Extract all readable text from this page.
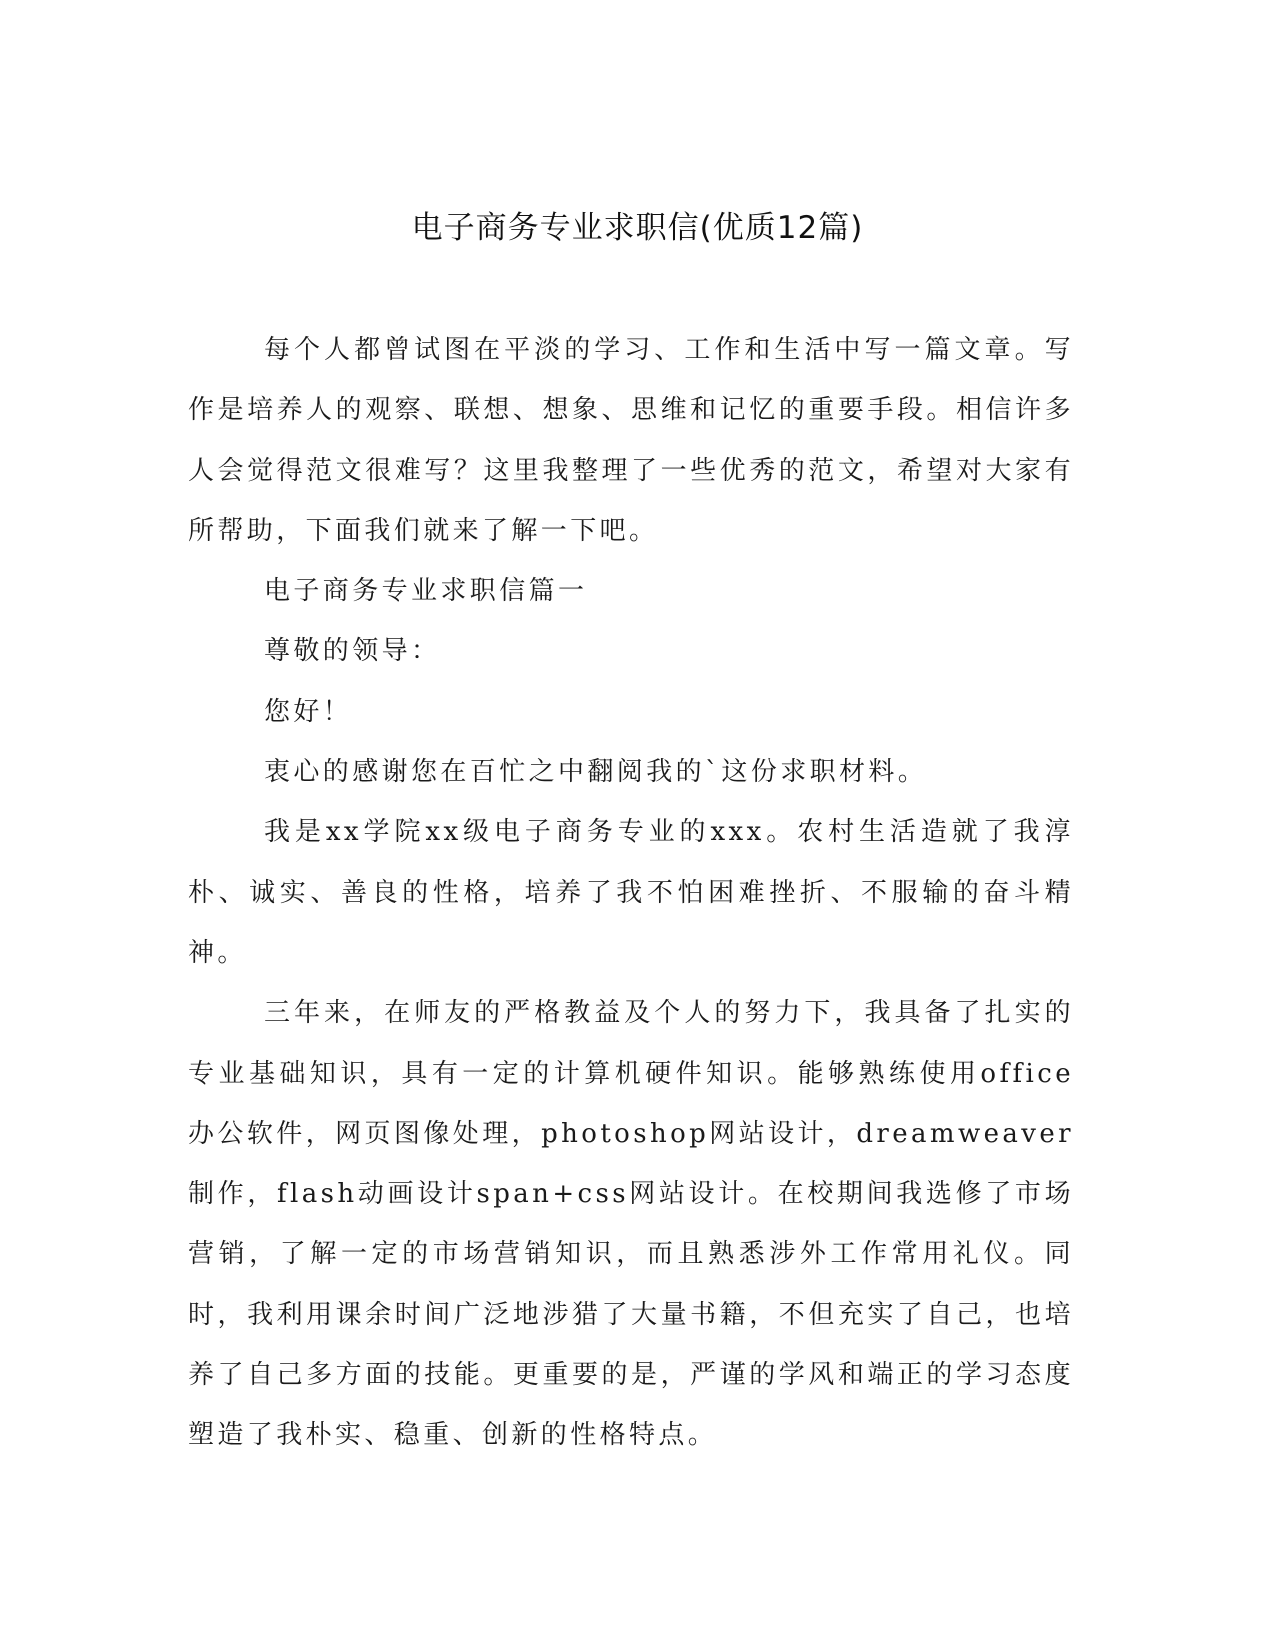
电子商务专业求职信(优质12篇)

每个人都曾试图在平淡的学习、工作和生活中写一篇文章。写作是培养人的观察、联想、想象、思维和记忆的重要手段。相信许多人会觉得范文很难写？这里我整理了一些优秀的范文，希望对大家有所帮助，下面我们就来了解一下吧。

电子商务专业求职信篇一

尊敬的领导：

您好！

衷心的感谢您在百忙之中翻阅我的`这份求职材料。

我是xx学院xx级电子商务专业的xxx。农村生活造就了我淳朴、诚实、善良的性格，培养了我不怕困难挫折、不服输的奋斗精神。

三年来，在师友的严格教益及个人的努力下，我具备了扎实的专业基础知识，具有一定的计算机硬件知识。能够熟练使用office办公软件，网页图像处理，photoshop网站设计，dreamweaver制作，flash动画设计span+css网站设计。在校期间我选修了市场营销，了解一定的市场营销知识，而且熟悉涉外工作常用礼仪。同时，我利用课余时间广泛地涉猎了大量书籍，不但充实了自己，也培养了自己多方面的技能。更重要的是，严谨的学风和端正的学习态度塑造了我朴实、稳重、创新的性格特点。
